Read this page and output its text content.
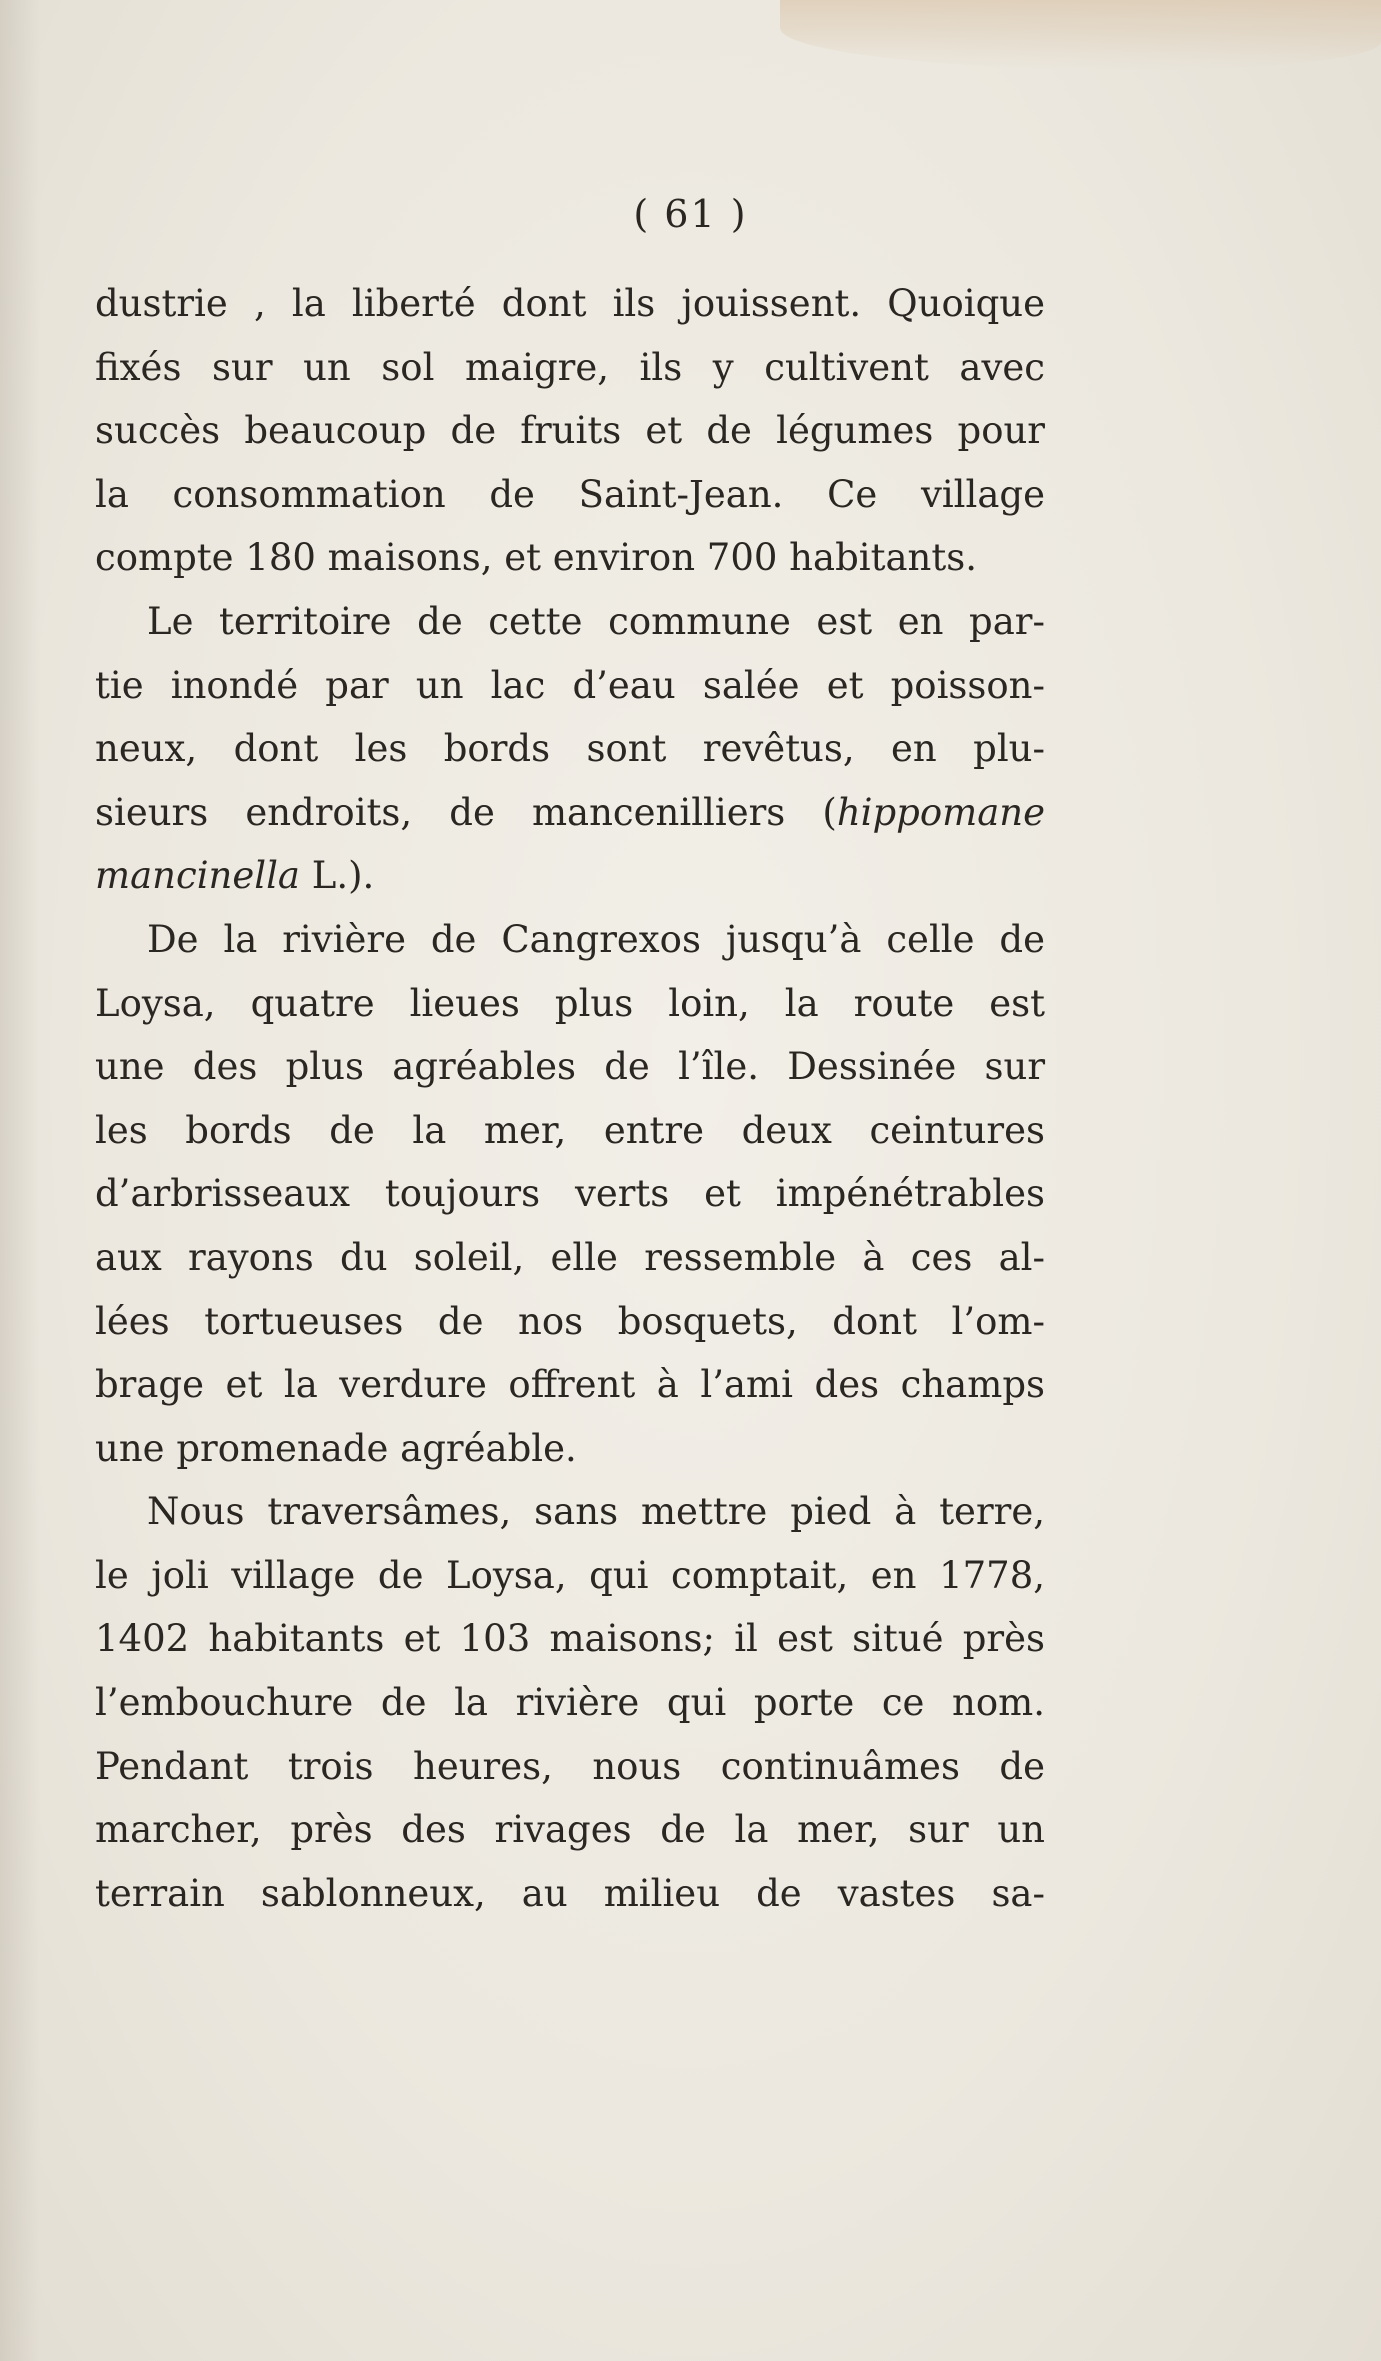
( 61 )
dustrie , la liberté dont ils jouissent. Quoique
fixés sur un sol maigre, ils y cultivent avec
succès beaucoup de fruits et de légumes pour
la consommation de Saint-Jean. Ce village
compte 180 maisons, et environ 700 habitants.
Le territoire de cette commune est en par-
tie inondé par un lac d’eau salée et poisson-
neux, dont les bords sont revêtus, en plu-
sieurs endroits, de mancenilliers (hippomane
mancinella L.).
De la rivière de Cangrexos jusqu’à celle de
Loysa, quatre lieues plus loin, la route est
une des plus agréables de l’île. Dessinée sur
les bords de la mer, entre deux ceintures
d’arbrisseaux toujours verts et impénétrables
aux rayons du soleil, elle ressemble à ces al-
lées tortueuses de nos bosquets, dont l’om-
brage et la verdure offrent à l’ami des champs
une promenade agréable.
Nous traversâmes, sans mettre pied à terre,
le joli village de Loysa, qui comptait, en 1778,
1402 habitants et 103 maisons; il est situé près
l’embouchure de la rivière qui porte ce nom.
Pendant trois heures, nous continuâmes de
marcher, près des rivages de la mer, sur un
terrain sablonneux, au milieu de vastes sa-
